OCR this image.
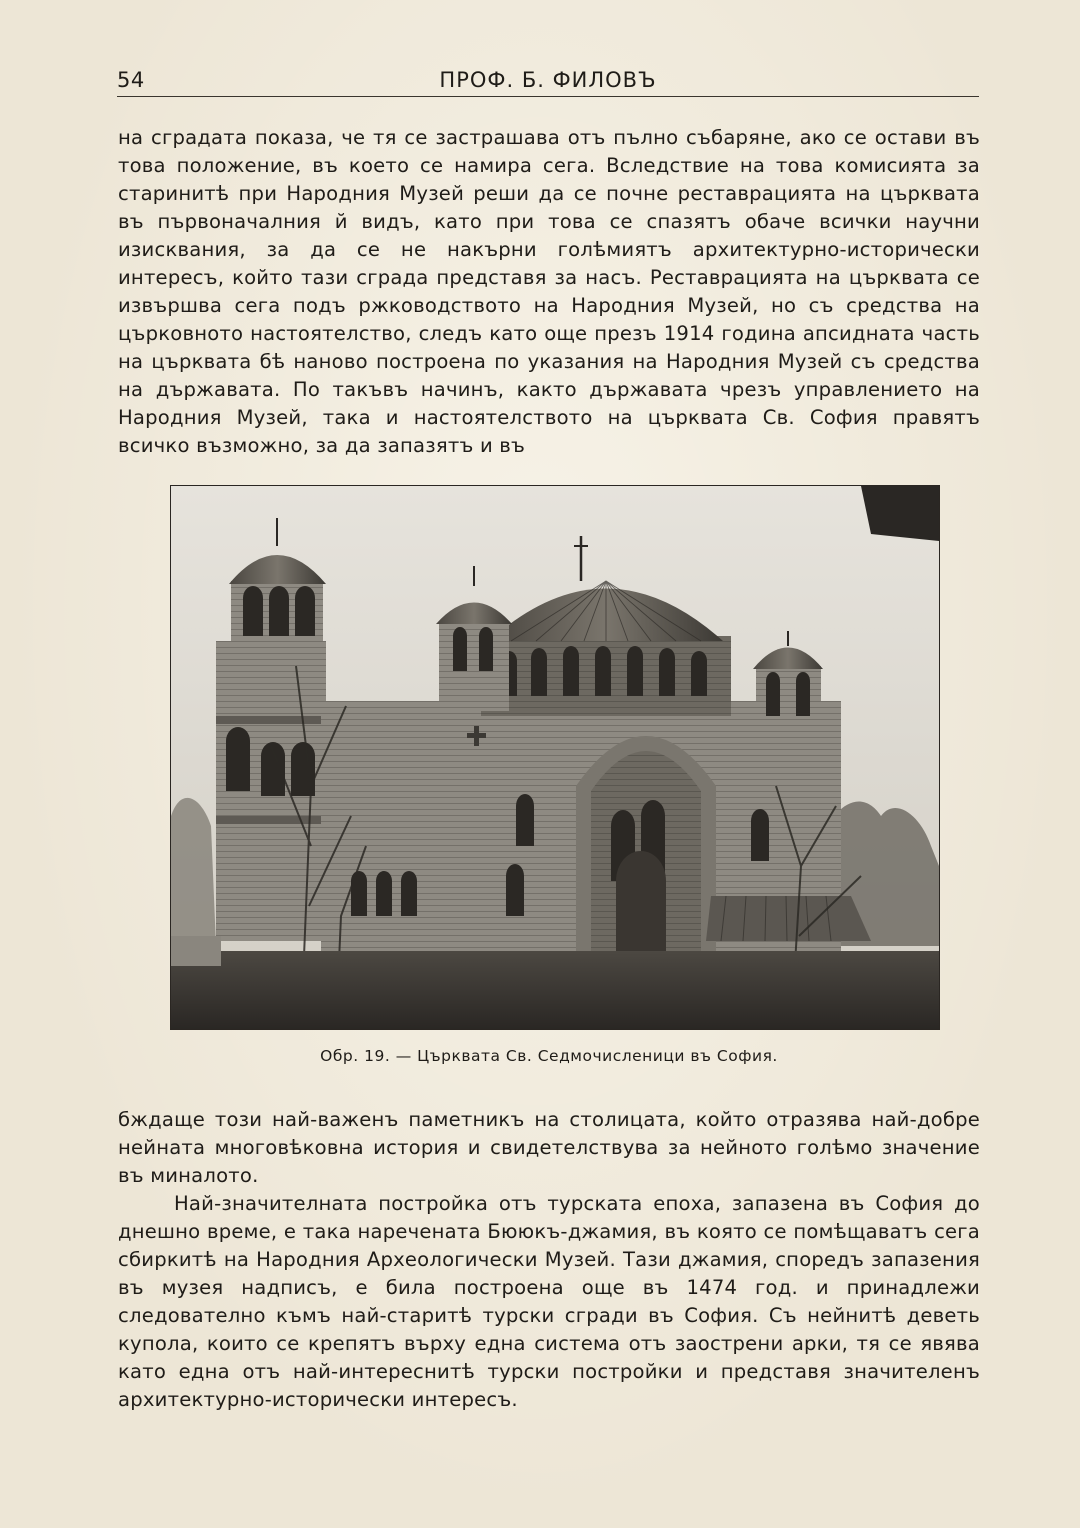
54	ПРОФ. Б. ФИЛОВЪ

на сградата показа, че тя се застрашава отъ пълно събаряне, ако се остави въ това положение, въ което се намира сега. Вследствие на това комисията за старинитѣ при Народния Музей реши да се почне реставрацията на църквата въ първоначалния й видъ, като при това се спазятъ обаче всички научни изисквания, за да се не накърни голѣмиятъ архитектурно-исторически интересъ, който тази сграда представя за насъ. Реставрацията на църквата се извършва сега подъ ржководството на Народния Музей, но съ средства на църковното настоятелство, следъ като още презъ 1914 година апсидната часть на църквата бѣ наново построена по указания на Народния Музей съ средства на държавата. По такъвъ начинъ, както държавата чрезъ управлението на Народния Музей, така и настоятелството на църквата Св. София правятъ всичко възможно, за да запазятъ и въ

Обр. 19. — Църквата Св. Седмочисленици въ София.

бждаще този най-важенъ паметникъ на столицата, който отразява най-добре нейната многовѣковна история и свидетелствува за нейното голѣмо значение въ миналото.

Най-значителната постройка отъ турската епоха, запазена въ София до днешно време, е така наречената Бююкъ-джамия, въ която се помѣщаватъ сега сбиркитѣ на Народния Археологически Музей. Тази джамия, споредъ запазения въ музея надписъ, е била построена още въ 1474 год. и принадлежи следователно къмъ най-старитѣ турски сгради въ София. Съ нейнитѣ деветь купола, които се крепятъ върху една система отъ заострени арки, тя се явява като една отъ най-интереснитѣ турски постройки и представя значителенъ архитектурно-исторически интересъ.
